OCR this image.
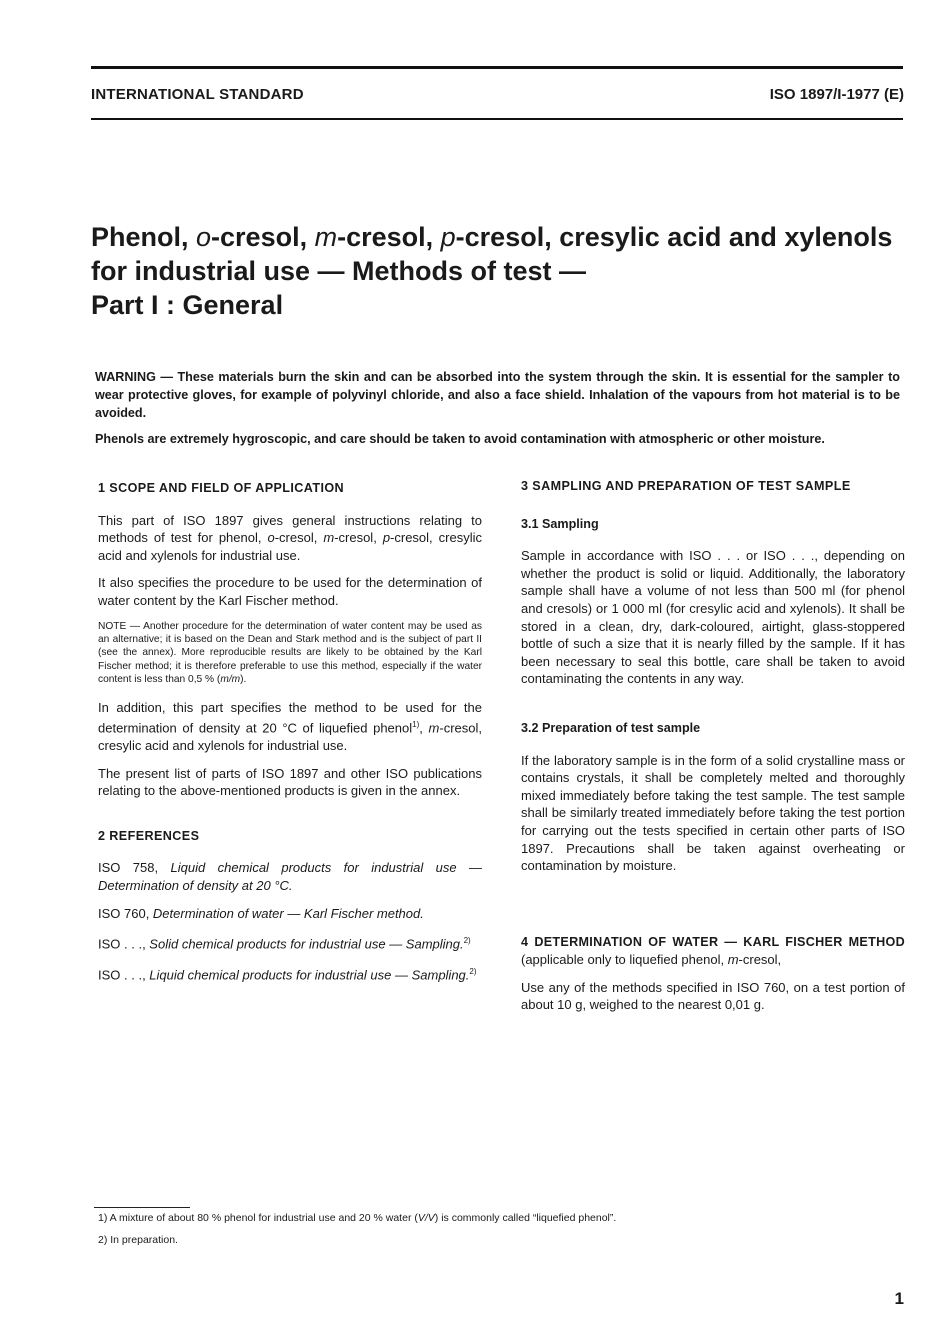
INTERNATIONAL STANDARD	ISO 1897/I-1977 (E)
Phenol, o-cresol, m-cresol, p-cresol, cresylic acid and xylenols
for industrial use — Methods of test —
Part I : General
WARNING — These materials burn the skin and can be absorbed into the system through the skin. It is essential for the sampler to wear protective gloves, for example of polyvinyl chloride, and also a face shield. Inhalation of the vapours from hot material is to be avoided.
Phenols are extremely hygroscopic, and care should be taken to avoid contamination with atmospheric or other moisture.
1 SCOPE AND FIELD OF APPLICATION

This part of ISO 1897 gives general instructions relating to methods of test for phenol, o-cresol, m-cresol, p-cresol, cresylic acid and xylenols for industrial use.

It also specifies the procedure to be used for the determination of water content by the Karl Fischer method.

NOTE — Another procedure for the determination of water content may be used as an alternative; it is based on the Dean and Stark method and is the subject of part II (see the annex). More reproducible results are likely to be obtained by the Karl Fischer method; it is therefore preferable to use this method, especially if the water content is less than 0,5 % (m/m).

In addition, this part specifies the method to be used for the determination of density at 20 °C of liquefied phenol$^{1)}$, m-cresol, cresylic acid and xylenols for industrial use.

The present list of parts of ISO 1897 and other ISO publications relating to the above-mentioned products is given in the annex.

2 REFERENCES

ISO 758, Liquid chemical products for industrial use — Determination of density at 20 °C.

ISO 760, Determination of water — Karl Fischer method.

ISO . . ., Solid chemical products for industrial use — Sampling.$^{2)}$

ISO . . ., Liquid chemical products for industrial use — Sampling.$^{2)}$

3 SAMPLING AND PREPARATION OF TEST SAMPLE
3.1 Sampling

Sample in accordance with ISO . . . or ISO . . ., depending on whether the product is solid or liquid. Additionally, the laboratory sample shall have a volume of not less than 500 ml (for phenol and cresols) or 1 000 ml (for cresylic acid and xylenols). It shall be stored in a clean, dry, dark-coloured, airtight, glass-stoppered bottle of such a size that it is nearly filled by the sample. If it has been necessary to seal this bottle, care shall be taken to avoid contaminating the contents in any way.

3.2 Preparation of test sample

If the laboratory sample is in the form of a solid crystalline mass or contains crystals, it shall be completely melted and thoroughly mixed immediately before taking the test sample. The test sample shall be similarly treated immediately before taking the test portion for carrying out the tests specified in certain other parts of ISO 1897. Precautions shall be taken against overheating or contamination by moisture.

4 DETERMINATION OF WATER — KARL FISCHER METHOD (applicable only to liquefied phenol, m-cresol,

Use any of the methods specified in ISO 760, on a test portion of about 10 g, weighed to the nearest 0,01 g.

1) A mixture of about 80 % phenol for industrial use and 20 % water (V/V) is commonly called “liquefied phenol”.
2) In preparation.
1
